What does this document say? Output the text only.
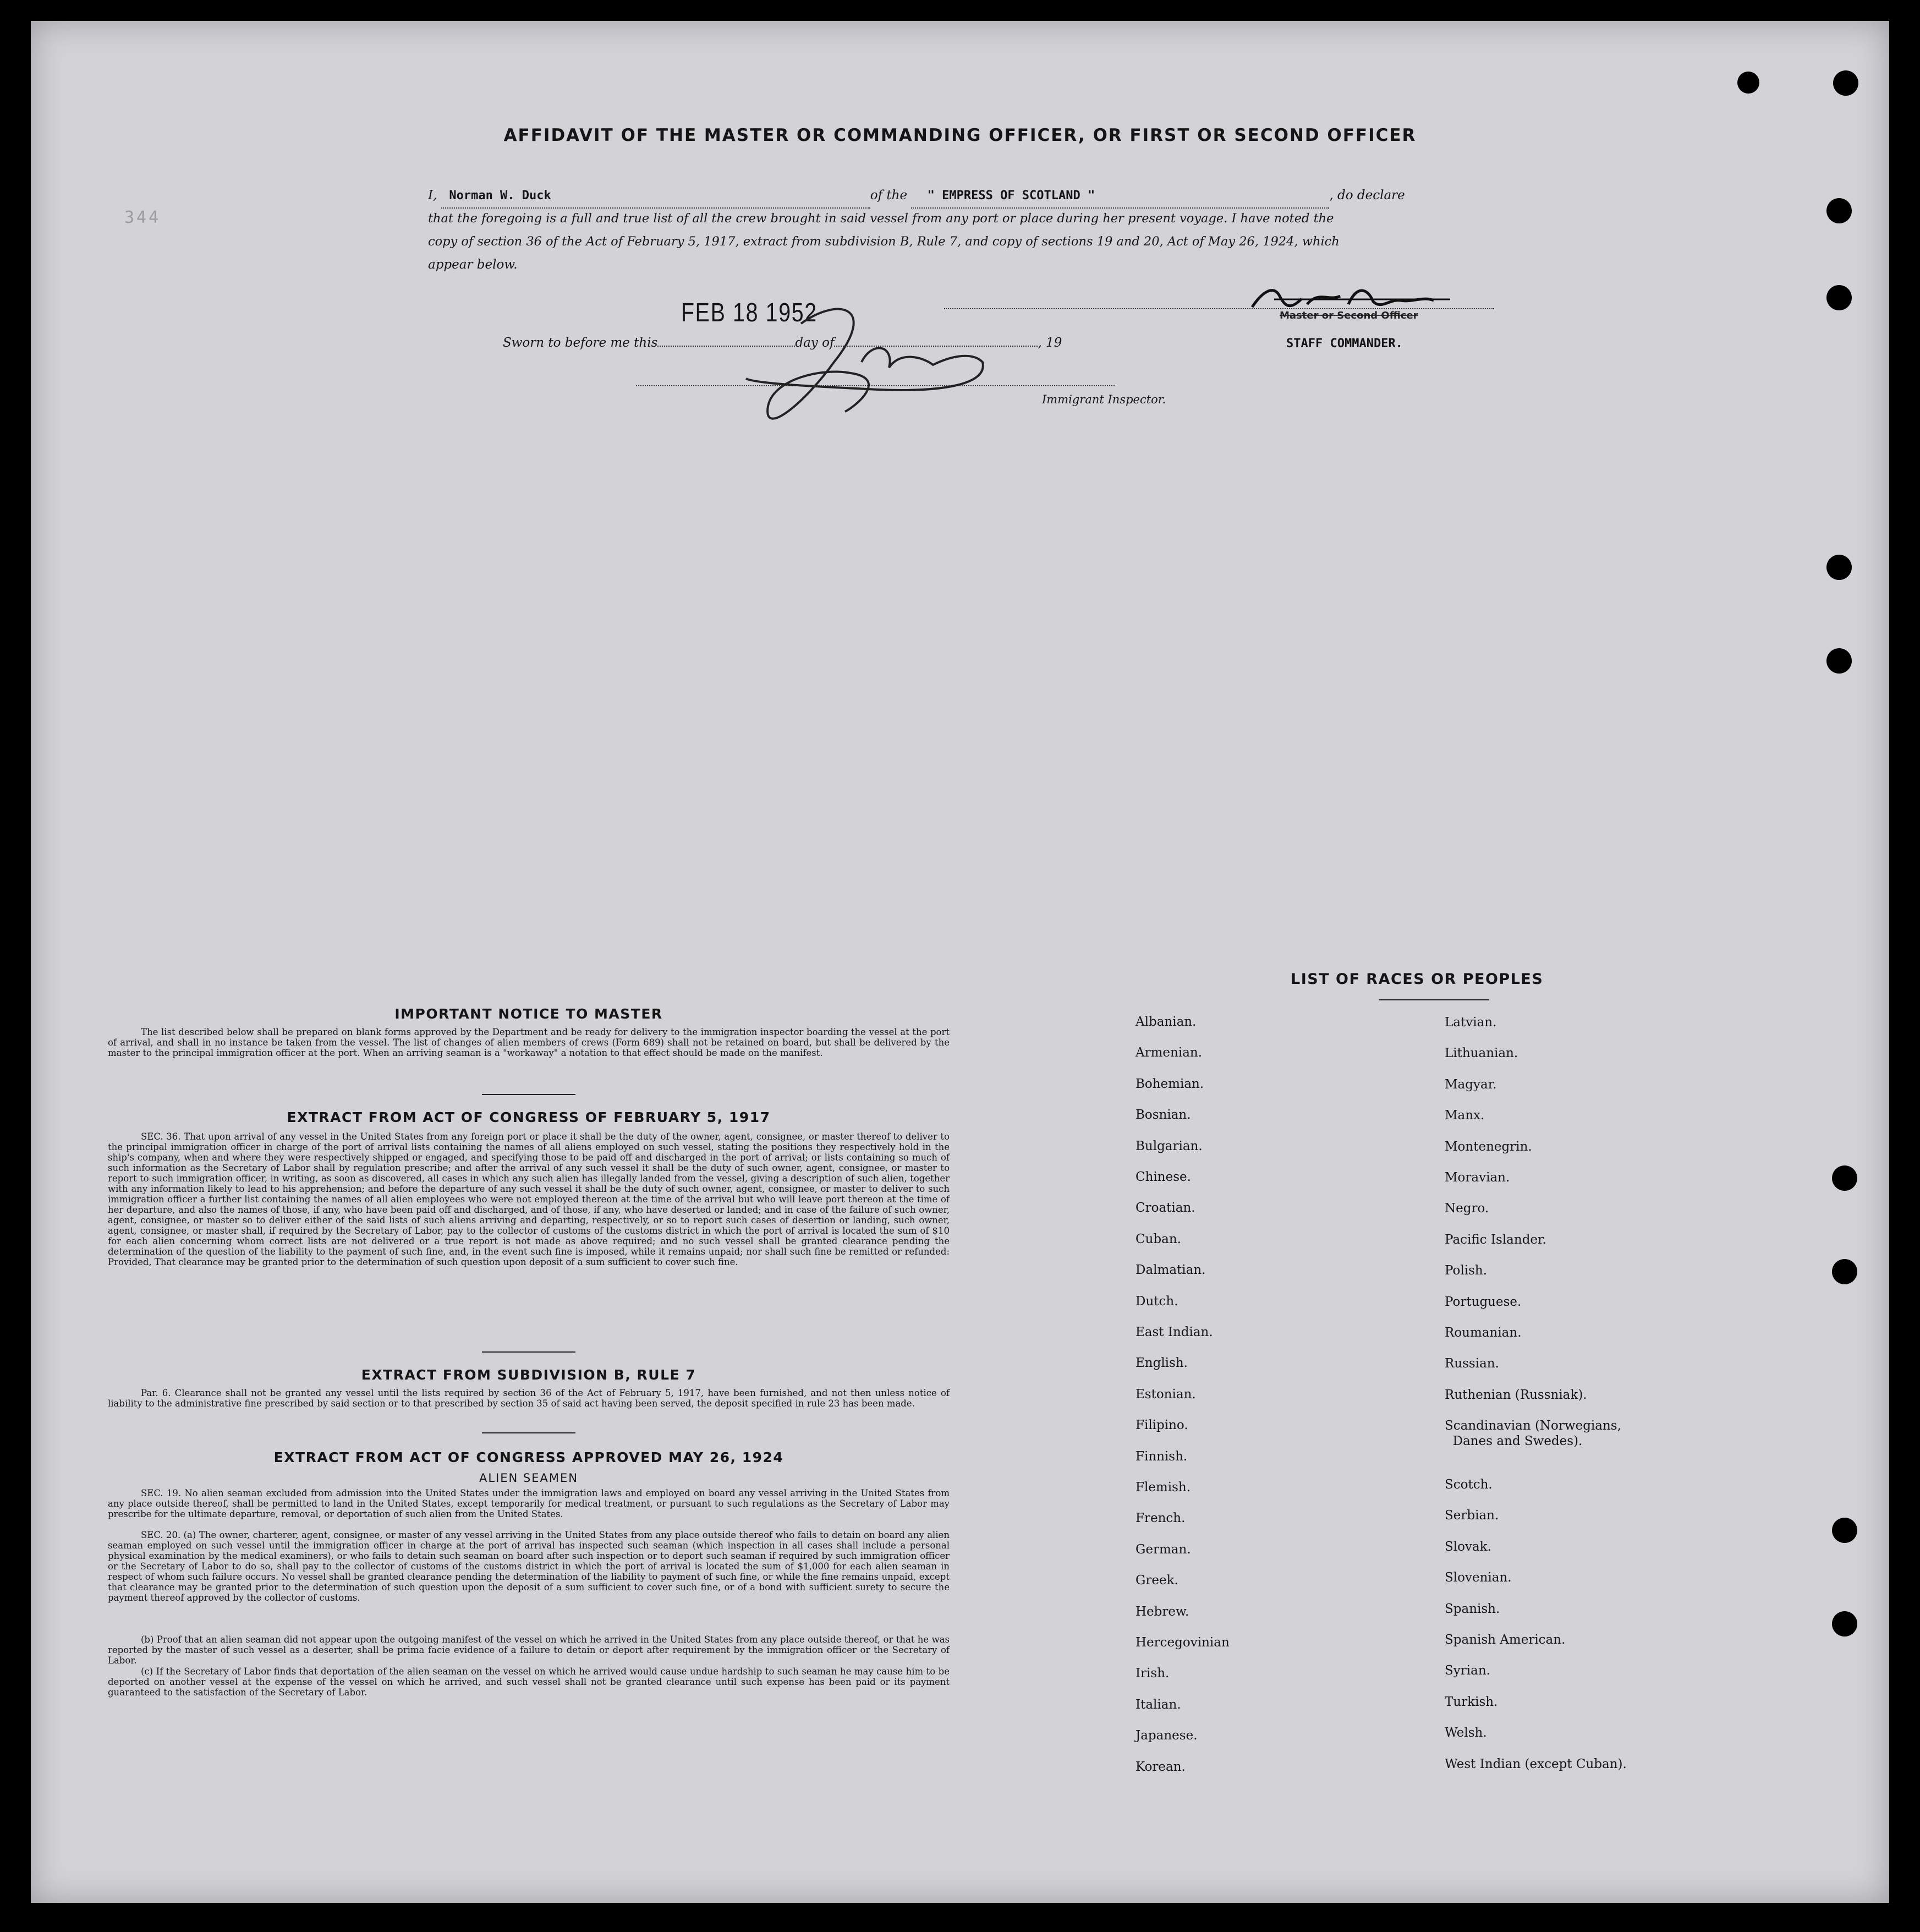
344
AFFIDAVIT OF THE MASTER OR COMMANDING OFFICER, OR FIRST OR SECOND OFFICER
I, Norman W. Duck	of the " EMPRESS OF SCOTLAND "	, do declare
that the foregoing is a full and true list of all the crew brought in said vessel from any port or place during her present voyage. I have noted the
copy of section 36 of the Act of February 5, 1917, extract from subdivision B, Rule 7, and copy of sections 19 and 20, Act of May 26, 1924, which
appear below.
Master or Second Officer
STAFF COMMANDER.
FEB 18 1952
Sworn to before me this	day of	, 19
Immigrant Inspector.
IMPORTANT NOTICE TO MASTER
The list described below shall be prepared on blank forms approved by the Department and be ready for delivery to the immigration inspector boarding the vessel at the port of arrival, and shall in no instance be taken from the vessel. The list of changes of alien members of crews (Form 689) shall not be retained on board, but shall be delivered by the master to the principal immigration officer at the port. When an arriving seaman is a "workaway" a notation to that effect should be made on the manifest.
EXTRACT FROM ACT OF CONGRESS OF FEBRUARY 5, 1917
SEC. 36. That upon arrival of any vessel in the United States from any foreign port or place it shall be the duty of the owner, agent, consignee, or master thereof to deliver to the principal immigration officer in charge of the port of arrival lists containing the names of all aliens employed on such vessel, stating the positions they respectively hold in the ship's company, when and where they were respectively shipped or engaged, and specifying those to be paid off and discharged in the port of arrival; or lists containing so much of such information as the Secretary of Labor shall by regulation prescribe; and after the arrival of any such vessel it shall be the duty of such owner, agent, consignee, or master to report to such immigration officer, in writing, as soon as discovered, all cases in which any such alien has illegally landed from the vessel, giving a description of such alien, together with any information likely to lead to his apprehension; and before the departure of any such vessel it shall be the duty of such owner, agent, consignee, or master to deliver to such immigration officer a further list containing the names of all alien employees who were not employed thereon at the time of the arrival but who will leave port thereon at the time of her departure, and also the names of those, if any, who have been paid off and discharged, and of those, if any, who have deserted or landed; and in case of the failure of such owner, agent, consignee, or master so to deliver either of the said lists of such aliens arriving and departing, respectively, or so to report such cases of desertion or landing, such owner, agent, consignee, or master shall, if required by the Secretary of Labor, pay to the collector of customs of the customs district in which the port of arrival is located the sum of $10 for each alien concerning whom correct lists are not delivered or a true report is not made as above required; and no such vessel shall be granted clearance pending the determination of the question of the liability to the payment of such fine, and, in the event such fine is imposed, while it remains unpaid; nor shall such fine be remitted or refunded: Provided, That clearance may be granted prior to the determination of such question upon deposit of a sum sufficient to cover such fine.
EXTRACT FROM SUBDIVISION B, RULE 7
Par. 6. Clearance shall not be granted any vessel until the lists required by section 36 of the Act of February 5, 1917, have been furnished, and not then unless notice of liability to the administrative fine prescribed by said section or to that prescribed by section 35 of said act having been served, the deposit specified in rule 23 has been made.
EXTRACT FROM ACT OF CONGRESS APPROVED MAY 26, 1924
ALIEN SEAMEN
SEC. 19. No alien seaman excluded from admission into the United States under the immigration laws and employed on board any vessel arriving in the United States from any place outside thereof, shall be permitted to land in the United States, except temporarily for medical treatment, or pursuant to such regulations as the Secretary of Labor may prescribe for the ultimate departure, removal, or deportation of such alien from the United States.
SEC. 20. (a) The owner, charterer, agent, consignee, or master of any vessel arriving in the United States from any place outside thereof who fails to detain on board any alien seaman employed on such vessel until the immigration officer in charge at the port of arrival has inspected such seaman (which inspection in all cases shall include a personal physical examination by the medical examiners), or who fails to detain such seaman on board after such inspection or to deport such seaman if required by such immigration officer or the Secretary of Labor to do so, shall pay to the collector of customs of the customs district in which the port of arrival is located the sum of $1,000 for each alien seaman in respect of whom such failure occurs. No vessel shall be granted clearance pending the determination of the liability to payment of such fine, or while the fine remains unpaid, except that clearance may be granted prior to the determination of such question upon the deposit of a sum sufficient to cover such fine, or of a bond with sufficient surety to secure the payment thereof approved by the collector of customs.
(b) Proof that an alien seaman did not appear upon the outgoing manifest of the vessel on which he arrived in the United States from any place outside thereof, or that he was reported by the master of such vessel as a deserter, shall be prima facie evidence of a failure to detain or deport after requirement by the immigration officer or the Secretary of Labor.
(c) If the Secretary of Labor finds that deportation of the alien seaman on the vessel on which he arrived would cause undue hardship to such seaman he may cause him to be deported on another vessel at the expense of the vessel on which he arrived, and such vessel shall not be granted clearance until such expense has been paid or its payment guaranteed to the satisfaction of the Secretary of Labor.
LIST OF RACES OR PEOPLES
Albanian.
Armenian.
Bohemian.
Bosnian.
Bulgarian.
Chinese.
Croatian.
Cuban.
Dalmatian.
Dutch.
East Indian.
English.
Estonian.
Filipino.
Finnish.
Flemish.
French.
German.
Greek.
Hebrew.
Hercegovinian
Irish.
Italian.
Japanese.
Korean.
Latvian.
Lithuanian.
Magyar.
Manx.
Montenegrin.
Moravian.
Negro.
Pacific Islander.
Polish.
Portuguese.
Roumanian.
Russian.
Ruthenian (Russniak).
Scandinavian (Norwegians,
Danes and Swedes).
Scotch.
Serbian.
Slovak.
Slovenian.
Spanish.
Spanish American.
Syrian.
Turkish.
Welsh.
West Indian (except Cuban).
